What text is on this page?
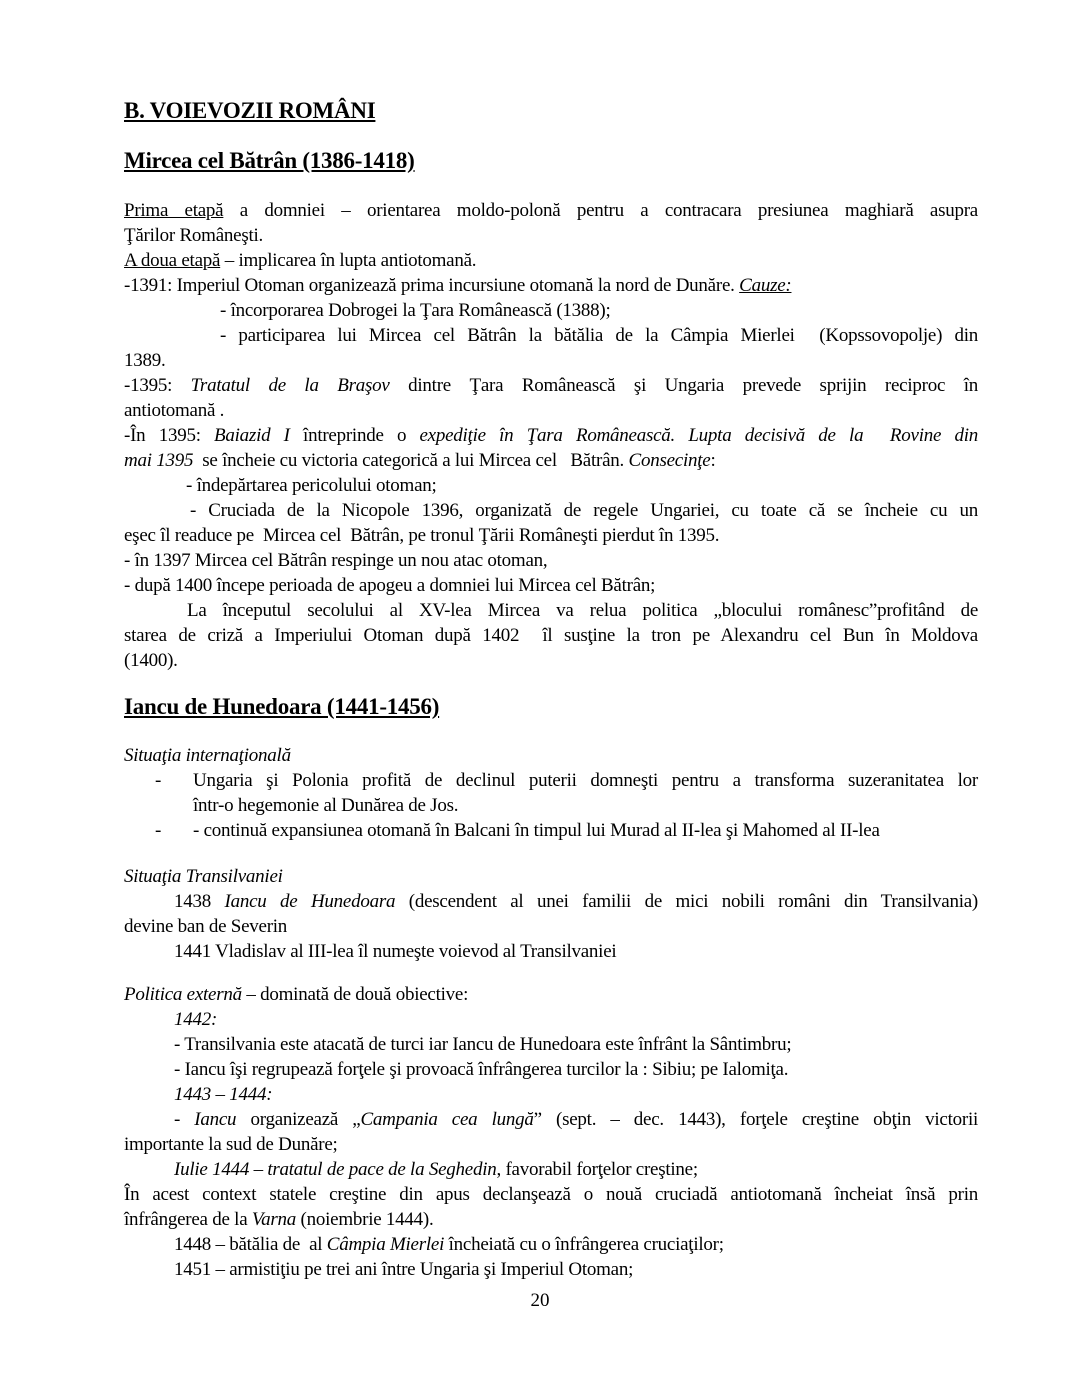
B. VOIEVOZII ROMÂNI

Mircea cel Bătrân (1386-1418)

Prima etapă a domniei – orientarea moldo-polonă pentru a contracara presiunea maghiară asupra

Ţărilor Româneşti.

A doua etapă – implicarea în lupta antiotomană.

-1391: Imperiul Otoman organizează prima incursiune otomană la nord de Dunăre. Cauze:

- încorporarea Dobrogei la Ţara Românească (1388);

- participarea lui Mircea cel Bătrân la bătălia de la Câmpia Mierlei  (Kopssovopolje) din

1389.

-1395: Tratatul de la Braşov dintre Ţara Românească şi Ungaria prevede sprijin reciproc în

antiotomană .

-În 1395: Baiazid I întreprinde o expediţie în Ţara Românească. Lupta decisivă de la  Rovine din

mai 1395  se încheie cu victoria categorică a lui Mircea cel   Bătrân. Consecinţe:

- îndepărtarea pericolului otoman;

- Cruciada de la Nicopole 1396, organizată de regele Ungariei, cu toate că se încheie cu un

eşec îl readuce pe  Mircea cel  Bătrân, pe tronul Ţării Româneşti pierdut în 1395.

- în 1397 Mircea cel Bătrân respinge un nou atac otoman,

- după 1400 începe perioada de apogeu a domniei lui Mircea cel Bătrân;

La începutul secolului al XV-lea Mircea va relua politica „blocului românesc”profitând de

starea de criză a Imperiului Otoman după 1402  îl susţine la tron pe Alexandru cel Bun în Moldova

(1400).

Iancu de Hunedoara (1441-1456)

Situaţia internaţională

- Ungaria şi Polonia profită de declinul puterii domneşti pentru a transforma suzeranitatea lor

într-o hegemonie al Dunărea de Jos.

- - continuă expansiunea otomană în Balcani în timpul lui Murad al II-lea şi Mahomed al II-lea

Situaţia Transilvaniei

1438 Iancu de Hunedoara (descendent al unei familii de mici nobili români din Transilvania)

devine ban de Severin

1441 Vladislav al III-lea îl numeşte voievod al Transilvaniei

Politica externă – dominată de două obiective:

1442:

- Transilvania este atacată de turci iar Iancu de Hunedoara este înfrânt la Sântimbru;

- Iancu îşi regrupează forţele şi provoacă înfrângerea turcilor la : Sibiu; pe Ialomiţa.

1443 – 1444:

- Iancu organizează „Campania cea lungă” (sept. – dec. 1443), forţele creştine obţin victorii

importante la sud de Dunăre;

Iulie 1444 – tratatul de pace de la Seghedin, favorabil forţelor creştine;

În acest context statele creştine din apus declanşează o nouă cruciadă antiotomană încheiat însă prin

înfrângerea de la Varna (noiembrie 1444).

1448 – bătălia de  al Câmpia Mierlei încheiată cu o înfrângerea cruciaţilor;

1451 – armistiţiu pe trei ani între Ungaria şi Imperiul Otoman;

20
